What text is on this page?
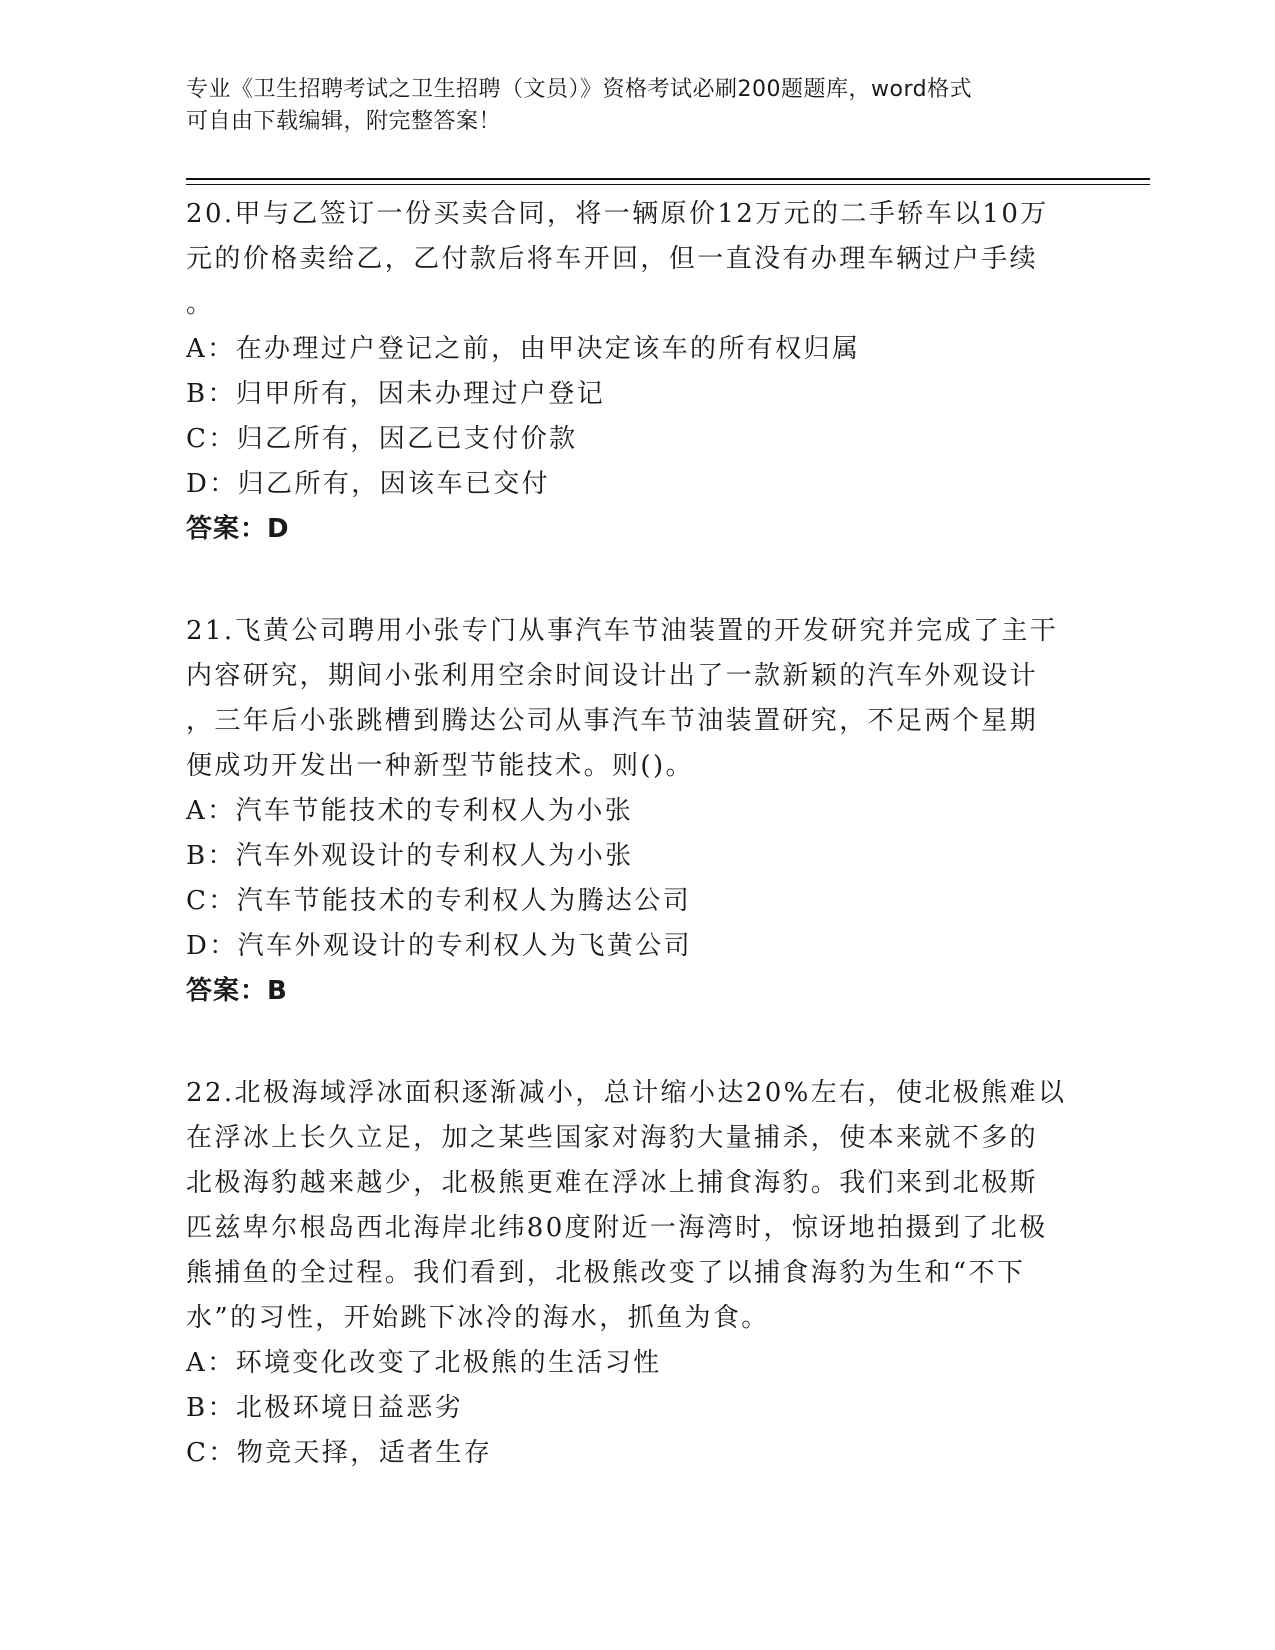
专业《卫生招聘考试之卫生招聘（文员）》资格考试必刷200题题库，word格式
可自由下载编辑，附完整答案！
20.甲与乙签订一份买卖合同，将一辆原价12万元的二手轿车以10万
元的价格卖给乙，乙付款后将车开回，但一直没有办理车辆过户手续
。
A：在办理过户登记之前，由甲决定该车的所有权归属
B：归甲所有，因未办理过户登记
C：归乙所有，因乙已支付价款
D：归乙所有，因该车已交付
答案：D
21.飞黄公司聘用小张专门从事汽车节油装置的开发研究并完成了主干
内容研究，期间小张利用空余时间设计出了一款新颖的汽车外观设计
，三年后小张跳槽到腾达公司从事汽车节油装置研究，不足两个星期
便成功开发出一种新型节能技术。则()。
A：汽车节能技术的专利权人为小张
B：汽车外观设计的专利权人为小张
C：汽车节能技术的专利权人为腾达公司
D：汽车外观设计的专利权人为飞黄公司
答案：B
22.北极海域浮冰面积逐渐减小，总计缩小达20%左右，使北极熊难以
在浮冰上长久立足，加之某些国家对海豹大量捕杀，使本来就不多的
北极海豹越来越少，北极熊更难在浮冰上捕食海豹。我们来到北极斯
匹兹卑尔根岛西北海岸北纬80度附近一海湾时，惊讶地拍摄到了北极
熊捕鱼的全过程。我们看到，北极熊改变了以捕食海豹为生和“不下
水”的习性，开始跳下冰冷的海水，抓鱼为食。
A：环境变化改变了北极熊的生活习性
B：北极环境日益恶劣
C：物竞天择，适者生存
